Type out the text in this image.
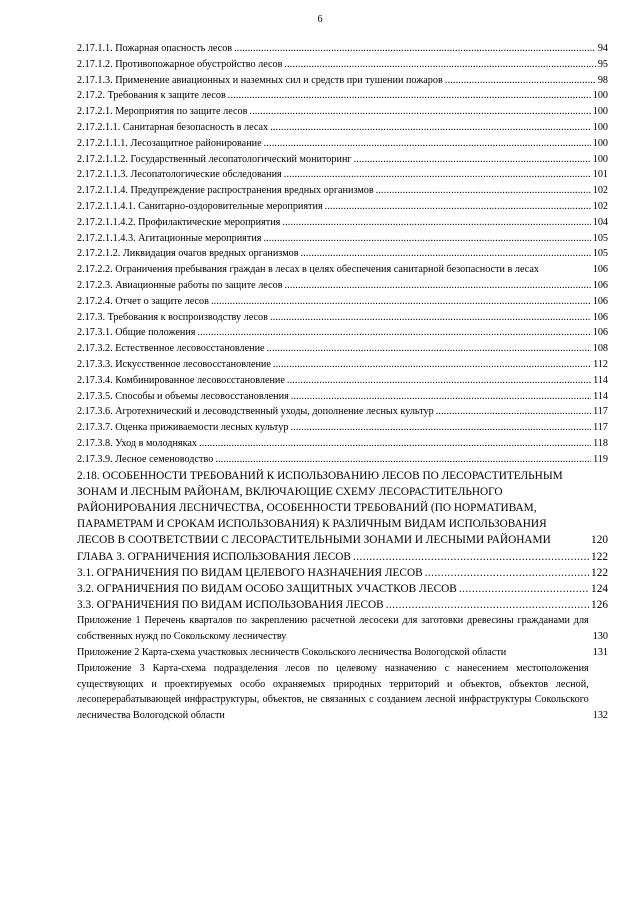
6
2.17.1.1. Пожарная опасность лесов . . .	94
2.17.1.2. Противопожарное обустройство лесов . . .	95
2.17.1.3. Применение авиационных и наземных сил и средств при тушении пожаров . . .	98
2.17.2. Требования к защите лесов . . .	100
2.17.2.1. Мероприятия по защите лесов . . .	100
2.17.2.1.1. Санитарная безопасность в лесах . . .	100
2.17.2.1.1.1. Лесозащитное районирование . . .	100
2.17.2.1.1.2. Государственный лесопатологический мониторинг . . .	100
2.17.2.1.1.3. Лесопатологические обследования . . .	101
2.17.2.1.1.4. Предупреждение распространения вредных организмов . . .	102
2.17.2.1.1.4.1. Санитарно-оздоровительные мероприятия . . .	102
2.17.2.1.1.4.2. Профилактические мероприятия . . .	104
2.17.2.1.1.4.3. Агитационные мероприятия . . .	105
2.17.2.1.2. Ликвидация очагов вредных организмов . . .	105
2.17.2.2. Ограничения пребывания граждан в лесах в целях обеспечения санитарной безопасности в лесах	106
2.17.2.3. Авиационные работы по защите лесов . . .	106
2.17.2.4. Отчет о защите лесов . . .	106
2.17.3. Требования к воспроизводству лесов . . .	106
2.17.3.1. Общие положения . . .	106
2.17.3.2. Естественное лесовосстановление . . .	108
2.17.3.3. Искусственное лесовосстановление . . .	112
2.17.3.4. Комбинированное лесовосстановление . . .	114
2.17.3.5. Способы и объемы лесовосстановления . . .	114
2.17.3.6. Агротехнический и лесоводственный уходы, дополнение лесных культур . . .	117
2.17.3.7. Оценка приживаемости лесных культур . . .	117
2.17.3.8. Уход в молодняках . . .	118
2.17.3.9. Лесное семеноводство . . .	119
2.18. ОСОБЕННОСТИ ТРЕБОВАНИЙ К ИСПОЛЬЗОВАНИЮ ЛЕСОВ ПО ЛЕСОРАСТИТЕЛЬНЫМ ЗОНАМ И ЛЕСНЫМ РАЙОНАМ, ВКЛЮЧАЮЩИЕ СХЕМУ ЛЕСОРАСТИТЕЛЬНОГО РАЙОНИРОВАНИЯ ЛЕСНИЧЕСТВА, ОСОБЕННОСТИ ТРЕБОВАНИЙ (ПО НОРМАТИВАМ, ПАРАМЕТРАМ И СРОКАМ ИСПОЛЬЗОВАНИЯ) К РАЗЛИЧНЫМ ВИДАМ ИСПОЛЬЗОВАНИЯ ЛЕСОВ В СООТВЕТСТВИИ С ЛЕСОРАСТИТЕЛЬНЫМИ ЗОНАМИ И ЛЕСНЫМИ РАЙОНАМИ	120
ГЛАВА 3. ОГРАНИЧЕНИЯ ИСПОЛЬЗОВАНИЯ ЛЕСОВ . . .	122
3.1. ОГРАНИЧЕНИЯ ПО ВИДАМ ЦЕЛЕВОГО НАЗНАЧЕНИЯ ЛЕСОВ . . .	122
3.2. ОГРАНИЧЕНИЯ ПО ВИДАМ ОСОБО ЗАЩИТНЫХ УЧАСТКОВ ЛЕСОВ . . .	124
3.3. ОГРАНИЧЕНИЯ ПО ВИДАМ ИСПОЛЬЗОВАНИЯ ЛЕСОВ . . .	126
Приложение 1 Перечень кварталов по закреплению расчетной лесосеки для заготовки древесины гражданами для собственных нужд по Сокольскому лесничеству	130
Приложение 2 Карта-схема участковых лесничеств Сокольского лесничества Вологодской области	131
Приложение 3 Карта-схема подразделения лесов по целевому назначению с нанесением местоположения существующих и проектируемых особо охраняемых природных территорий и объектов, объектов лесной, лесоперерабатывающей инфраструктуры, объектов, не связанных с созданием лесной инфраструктуры Сокольского лесничества Вологодской области	132
